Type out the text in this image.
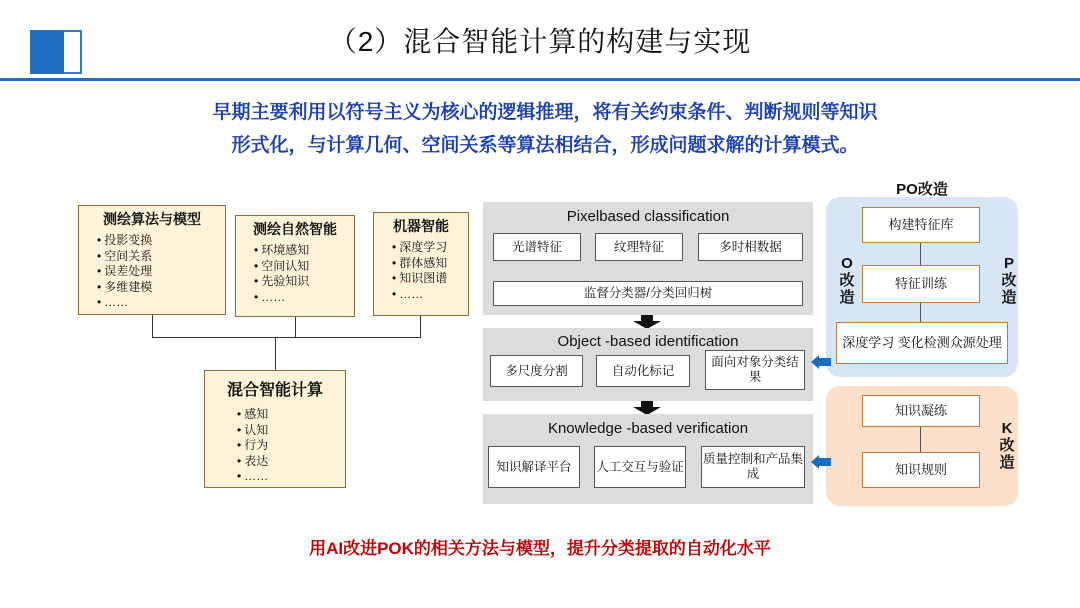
（2）混合智能计算的构建与实现
早期主要利用以符号主义为核心的逻辑推理，将有关约束条件、判断规则等知识
形式化，与计算几何、空间关系等算法相结合，形成问题求解的计算模式。
测绘算法与模型
• 投影变换
• 空间关系
• 误差处理
• 多维建模
• ……
测绘自然智能
• 环境感知
• 空间认知
• 先验知识
• ……
机器智能
• 深度学习
• 群体感知
• 知识图谱
• ……
混合智能计算
• 感知
• 认知
• 行为
• 表达
• ……
Pixelbased classification
光谱特征	纹理特征	多时相数据
监督分类器/分类回归树
Object -based identification
多尺度分割	自动化标记
面向对象分类结果
Knowledge -based verification
知识解译平台	人工交互与验证
质量控制和产品集成
PO改造
构建特征库
特征训练
深度学习 变化检测众源处理
O改造
P改造
知识凝练
知识规则
K改造
用AI改进POK的相关方法与模型，提升分类提取的自动化水平
